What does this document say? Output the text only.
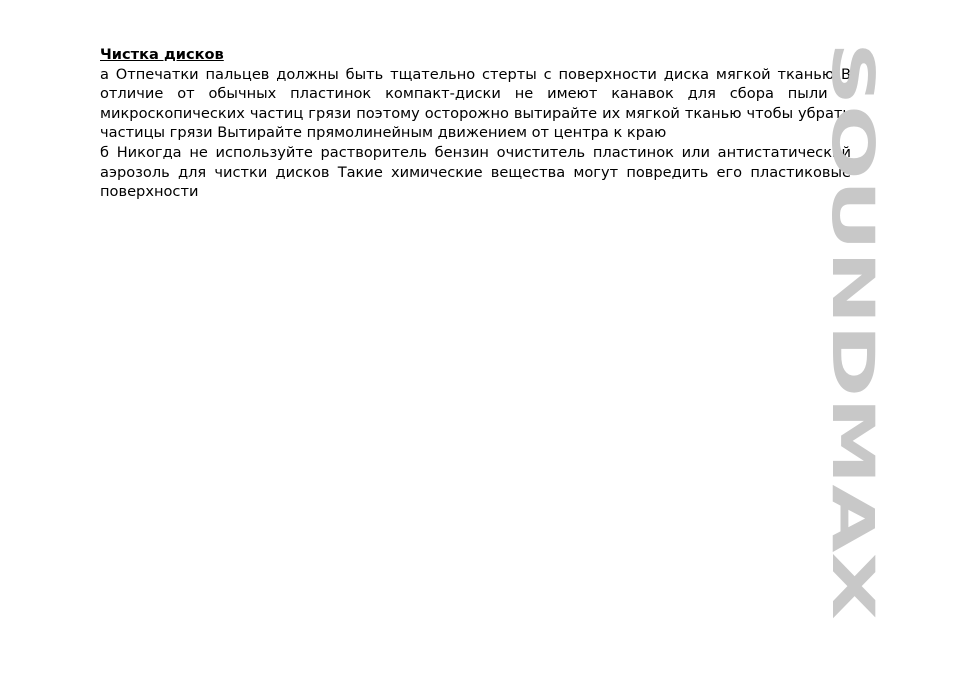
Чистка дисков

а Отпечатки пальцев должны быть тщательно стерты с поверхности диска мягкой тканью В отличие от обычных пластинок компакт-диски не имеют канавок для сбора пыли и микроскопических частиц грязи поэтому осторожно вытирайте их мягкой тканью чтобы убрать частицы грязи Вытирайте прямолинейным движением от центра к краю

б Никогда не используйте растворитель бензин очиститель пластинок или антистатический аэрозоль для чистки дисков Такие химические вещества могут повредить его пластиковые поверхности	SOUNDMAX
